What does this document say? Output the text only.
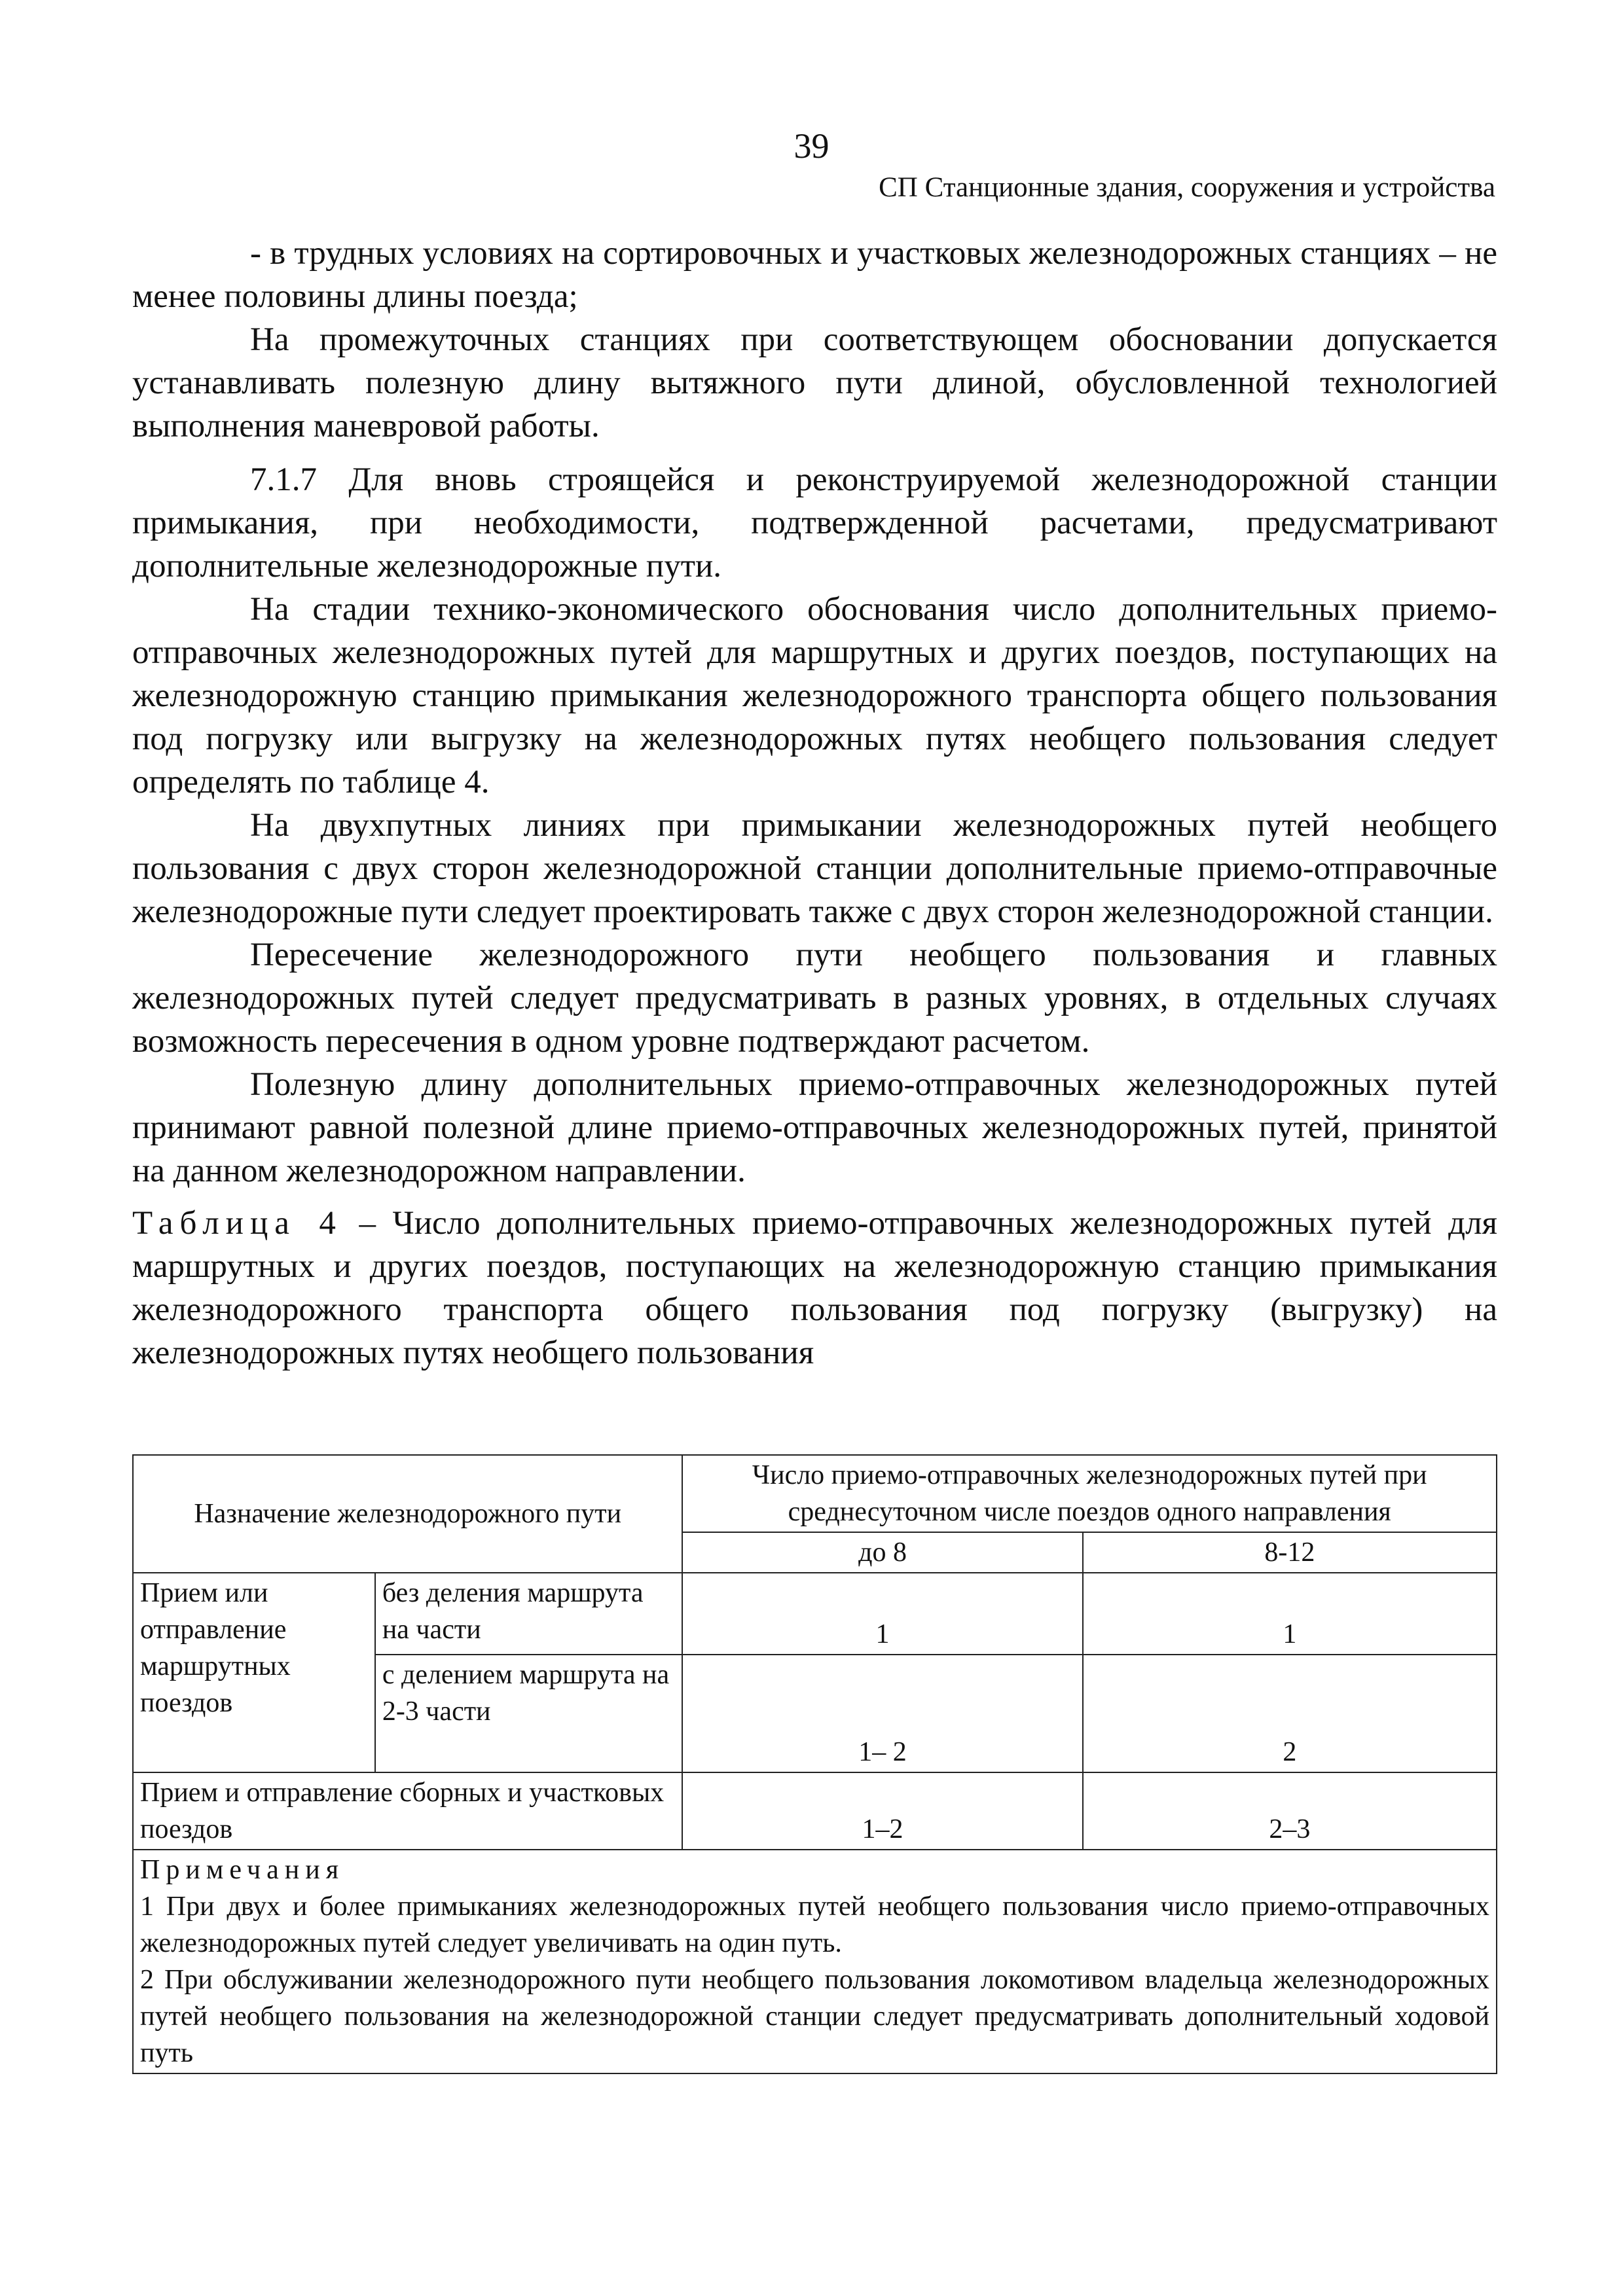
39
СП Станционные здания, сооружения и устройства

- в трудных условиях на сортировочных и участковых железнодорожных станциях – не менее половины длины поезда;

На промежуточных станциях при соответствующем обосновании допускается устанавливать полезную длину вытяжного пути длиной, обусловленной технологией выполнения маневровой работы.

7.1.7 Для вновь строящейся и реконструируемой железнодорожной станции примыкания, при необходимости, подтвержденной расчетами, предусматривают дополнительные железнодорожные пути.

На стадии технико-экономического обоснования число дополнительных приемо-отправочных железнодорожных путей для маршрутных и других поездов, поступающих на железнодорожную станцию примыкания железнодорожного транспорта общего пользования под погрузку или выгрузку на железнодорожных путях необщего пользования следует определять по таблице 4.

На двухпутных линиях при примыкании железнодорожных путей необщего пользования с двух сторон железнодорожной станции дополнительные приемо-отправочные железнодорожные пути следует проектировать также с двух сторон железнодорожной станции.

Пересечение железнодорожного пути необщего пользования и главных железнодорожных путей следует предусматривать в разных уровнях, в отдельных случаях возможность пересечения в одном уровне подтверждают расчетом.

Полезную длину дополнительных приемо-отправочных железнодорожных путей принимают равной полезной длине приемо-отправочных железнодорожных путей, принятой на данном железнодорожном направлении.

Таблица 4 – Число дополнительных приемо-отправочных железнодорожных путей для маршрутных и других поездов, поступающих на железнодорожную станцию примыкания железнодорожного транспорта общего пользования под погрузку (выгрузку) на железнодорожных путях необщего пользования
Назначение железнодорожного пути		Число приемо-отправочных железнодорожных путей при среднесуточном числе поездов одного направления	
		до 8	8-12
Прием или отправление маршрутных поездов	без деления маршрута на части	1	1
	с делением маршрута на 2-3 части	1– 2	2
Прием и отправление сборных и участковых поездов		1–2	2–3

Примечания
1 При двух и более примыканиях железнодорожных путей необщего пользования число приемо-отправочных железнодорожных путей следует увеличивать на один путь.
2 При обслуживании железнодорожного пути необщего пользования локомотивом владельца железнодорожных путей необщего пользования на железнодорожной станции следует предусматривать дополнительный ходовой путь			
